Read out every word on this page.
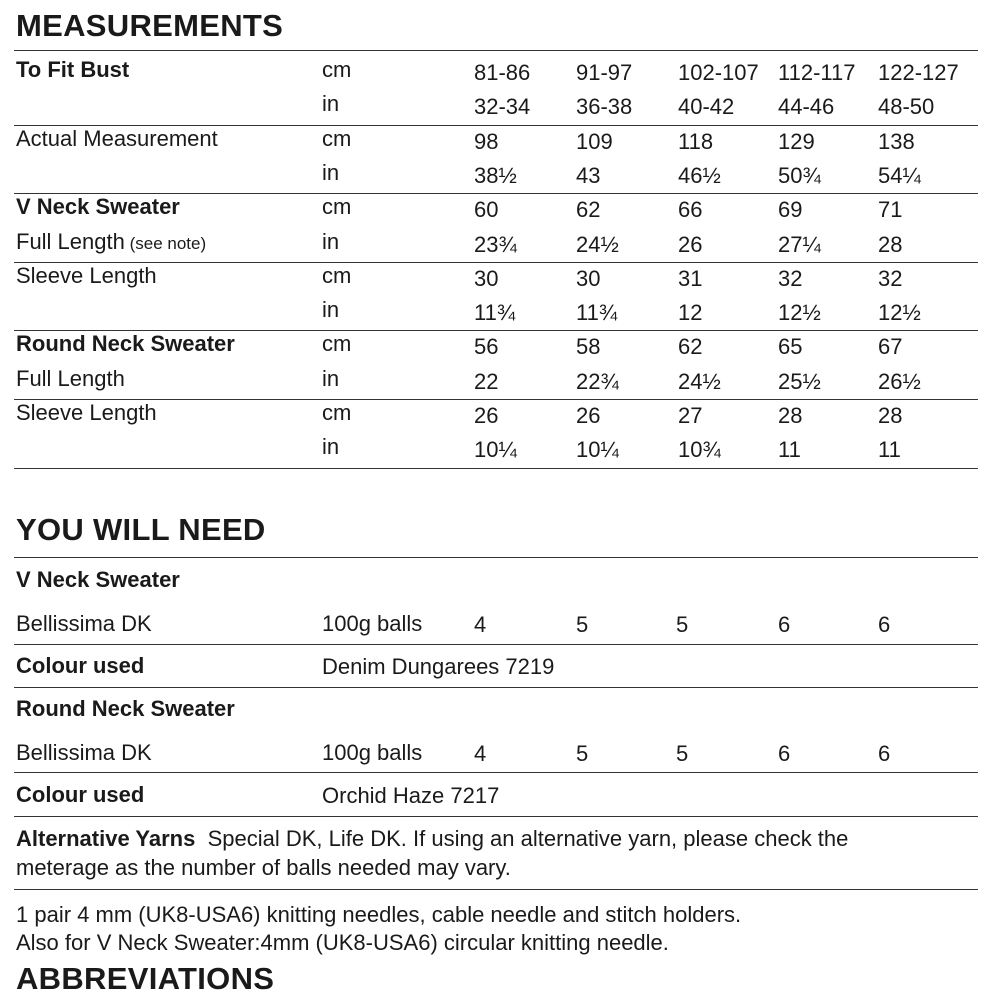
MEASUREMENTS
To Fit Bust	cm	81-86 91-97 102-107 112-117 122-127
in	32-34 36-38 40-42 44-46 48-50
Actual Measurement	cm	98	109	118	129	138
in	38½	43	46½	50¾	54¼
V Neck Sweater	cm	60	62	66	69	71
Full Length (see note)	in	23¾	24½	26	27¼	28
Sleeve Length	cm	30	30	31	32	32
in	11¾	11¾	12	12½	12½
Round Neck Sweater	cm	56	58	62	65	67
Full Length	in	22	22¾	24½	25½	26½
Sleeve Length	cm	26	26	27	28	28
in	10¼	10¼	10¾	11	11
YOU WILL NEED
V Neck Sweater
Bellissima DK	100g balls 4	5	5	6	6
Colour used	Denim Dungarees 7219
Round Neck Sweater
Bellissima DK	100g balls 4	5	5	6	6
Colour used	Orchid Haze 7217
Alternative Yarns Special DK, Life DK. If using an alternative yarn, please check the
meterage as the number of balls needed may vary.
1 pair 4 mm (UK8-USA6) knitting needles, cable needle and stitch holders.
Also for V Neck Sweater:4mm (UK8-USA6) circular knitting needle.
ABBREVIATIONS
